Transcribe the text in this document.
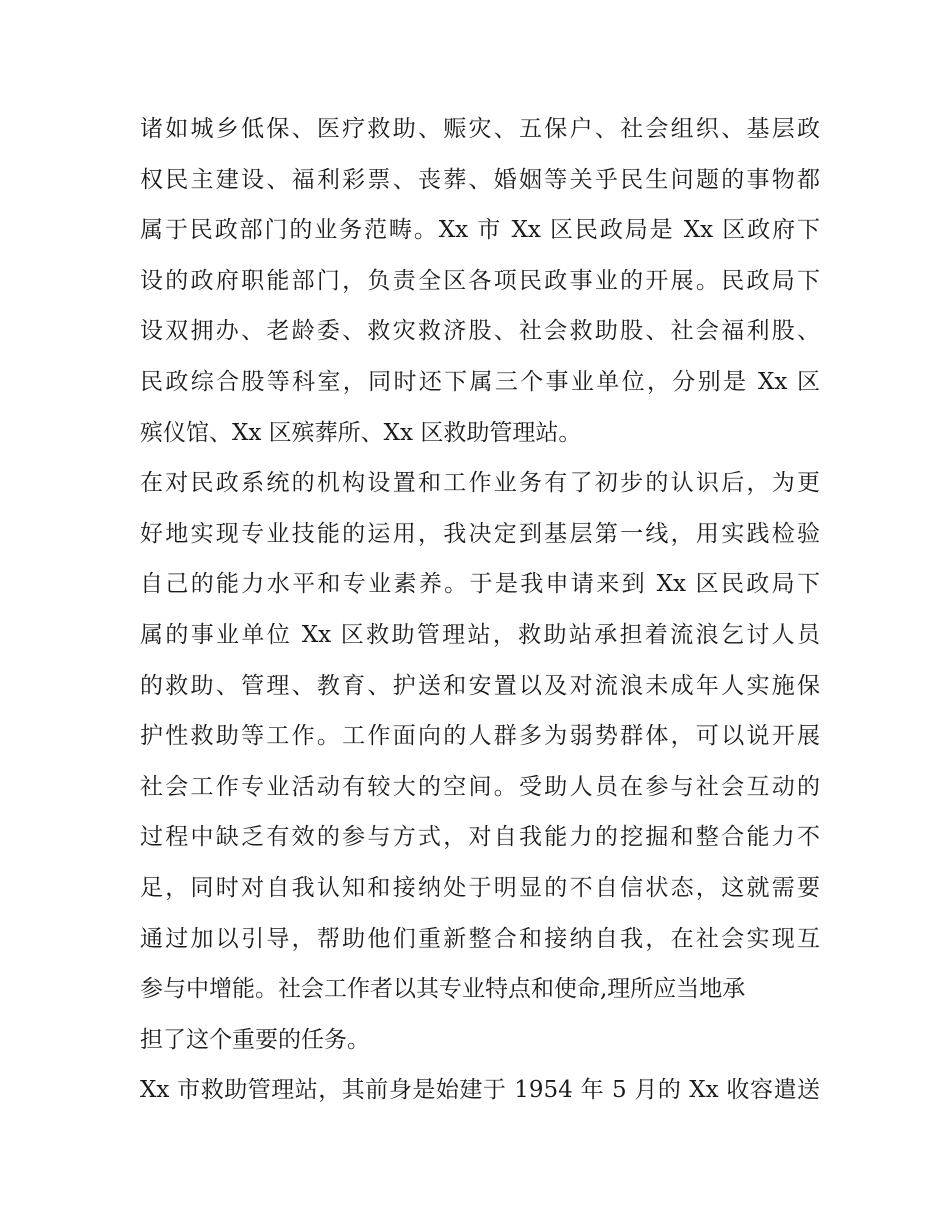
诸如城乡低保、医疗救助、赈灾、五保户、社会组织、基层政
权民主建设、福利彩票、丧葬、婚姻等关乎民生问题的事物都
属于民政部门的业务范畴。Xx 市 Xx 区民政局是 Xx 区政府下
设的政府职能部门，负责全区各项民政事业的开展。民政局下
设双拥办、老龄委、救灾救济股、社会救助股、社会福利股、
民政综合股等科室，同时还下属三个事业单位，分别是 Xx 区
殡仪馆、Xx 区殡葬所、Xx 区救助管理站。
在对民政系统的机构设置和工作业务有了初步的认识后，为更
好地实现专业技能的运用，我决定到基层第一线，用实践检验
自己的能力水平和专业素养。于是我申请来到 Xx 区民政局下
属的事业单位 Xx 区救助管理站，救助站承担着流浪乞讨人员
的救助、管理、教育、护送和安置以及对流浪未成年人实施保
护性救助等工作。工作面向的人群多为弱势群体，可以说开展
社会工作专业活动有较大的空间。受助人员在参与社会互动的
过程中缺乏有效的参与方式，对自我能力的挖掘和整合能力不
足，同时对自我认知和接纳处于明显的不自信状态，这就需要
通过加以引导，帮助他们重新整合和接纳自我，在社会实现互
参与中增能。社会工作者以其专业特点和使命,理所应当地承
担了这个重要的任务。
Xx 市救助管理站，其前身是始建于 1954 年 5 月的 Xx 收容遣送
